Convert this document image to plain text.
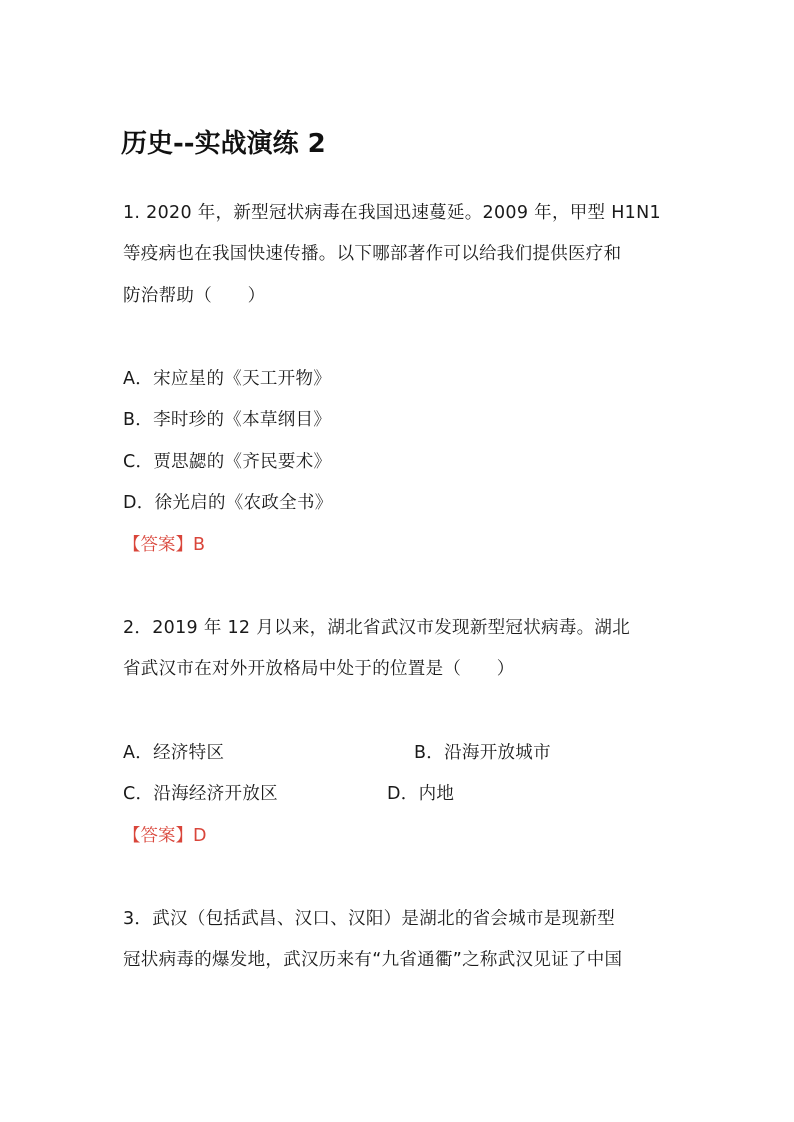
历史--实战演练 2
1. 2020 年，新型冠状病毒在我国迅速蔓延。2009 年，甲型 H1N1
等疫病也在我国快速传播。以下哪部著作可以给我们提供医疗和
防治帮助（　　）
A．宋应星的《天工开物》
B．李时珍的《本草纲目》
C．贾思勰的《齐民要术》
D．徐光启的《农政全书》
【答案】B
2．2019 年 12 月以来，湖北省武汉市发现新型冠状病毒。湖北
省武汉市在对外开放格局中处于的位置是（　　）
A．经济特区	B．沿海开放城市
C．沿海经济开放区	D．内地
【答案】D
3．武汉（包括武昌、汉口、汉阳）是湖北的省会城市是现新型
冠状病毒的爆发地，武汉历来有“九省通衢”之称武汉见证了中国
